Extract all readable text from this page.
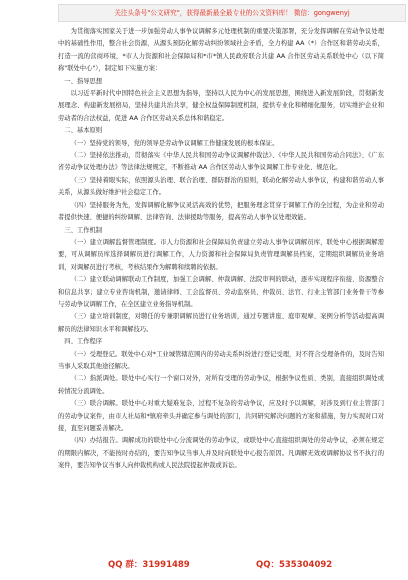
关注头条号"公文研究"，获得最新最全最专业的公文资料库！ 微信：gongwenyj

为贯彻落实国家关于进一步加强劳动人事争议调解多元处理机制的重要决策部署，充分发挥调解在劳动争议处理中的基础性作用，整合社会资源，从源头预防化解劳动纠纷领域社会矛盾，全力构建 AA（*）合作区和谐劳动关系，打造一流的营商环境，*市人力资源和社会保障局和*市*镇人民政府联合共建 AA 合作区劳动关系联处中心（以下简称"联处中心"），制定如下实施方案：

一、指导思想

以习近平新时代中国特色社会主义思想为指导，坚持以人民为中心的发展思想，围绕进入新发展阶段，贯彻新发展理念、构建新发展格局，坚持共建共治共享，健全权益保障制度机制，提供专业化和精细化服务，切实维护企业和劳动者的合法权益，促进 AA 合作区劳动关系总体和谐稳定。

二、基本原则

（一）坚持党的领导，党的领导是劳动争议调解工作健康发展的根本保证。

（二）坚持依法推动，贯彻落实《中华人民共和国劳动争议调解仲裁法》、《中华人民共和国劳动合同法》、《广东省劳动争议处理办法》等法律法规规定，不断推动 AA 合作区劳动人事争议调解工作专业化、规范化。

（三）坚持着眼实际，依照源头治理、联合治理、群防群治的原则，联动化解劳动人事争议，构建和谐劳动人事关系，从源头做好维护社会稳定工作。

（四）坚持服务为先，发挥调解化解争议灵活高效的优势，把服务理念贯穿于调解工作的全过程，为企业和劳动者提供快速、便捷的纠纷调解、法律咨询、法律援助等服务，提高劳动人事争议处理效能。

三、工作机制

（一）建立调解监督管理制度。市人力资源和社会保障局负责建立劳动人事争议调解员库，联处中心根据调解需要，可从调解员库选择调解员进行调解工作，人力资源和社会保障局负责管理调解员档案，定期组织调解员业务培训，对调解员进行考核，考核结果作为解聘和续聘的依据。

（二）建立联动调解联动工作制度，加强工会调解、仲裁调解、法院审判的联动，逐步实现程序衔接、资源整合和信息共享；建立专业咨询机制，邀请律师、工会监督员、劳动监察员、仲裁员、法官、行业主管部门业务骨干等参与劳动争议调解工作，在全区建立业务指导机制。

（三）建立培训制度，对聘任的专兼职调解员进行业务培训，通过专题讲座、庭审观摩、案例分析等活动提高调解员的法律知识水平和调解技巧。

四、工作程序

（一）受理登记。联处中心对*工业城管辖范围内的劳动关系纠纷进行登记受理，对不符合受理条件的，及时告知当事人采取其他途径解决。

（二）指派调处。联处中心实行一个窗口对外，对所有受理的劳动争议，根据争议性质、类别，直接组织调处或转情况分流调处。

（三）联合调解。联处中心对重大疑难复杂、过程不复杂的劳动争议，应及时予以调解，对涉及到行业主管部门的劳动争议案件，由市人社局和*镇府牵头并确定参与调处的部门，共同研究解决问题的方案和措施，努力实现对口对接，直至问题妥善解决。

（四）办结报告。调解成功的联处中心分流调处的劳动争议，或联处中心直接组织调处的劳动争议，必须在规定的期限内解决，不能按时办结的，要告知争议当事人并及时向联处中心报告原因。凡调解无效或调解协议书不执行的案件，要告知争议当事人向仲裁机构或人民法院提起仲裁或诉讼。

QQ 群：31991489	QQ：535304092
